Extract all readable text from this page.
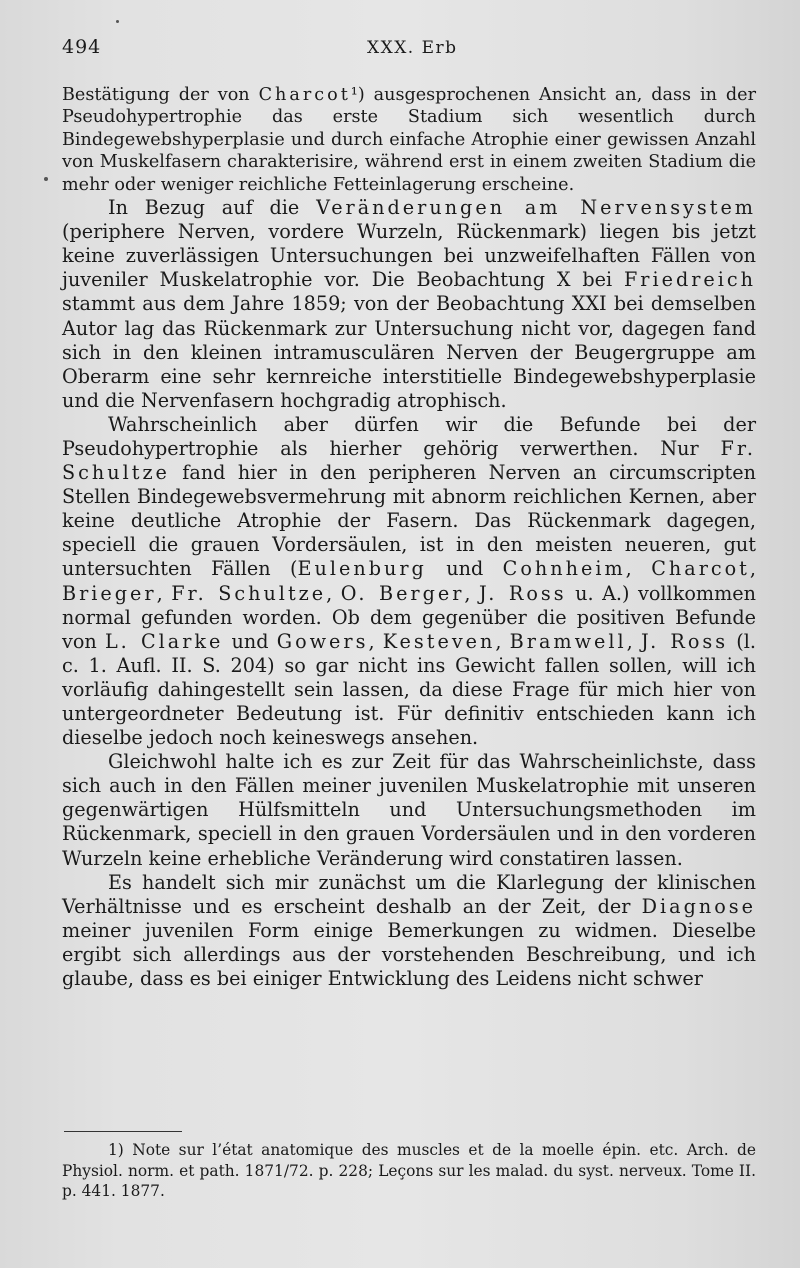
494	XXX. Erb

Bestätigung der von Charcot¹) ausgesprochenen Ansicht an, dass in der Pseudohypertrophie das erste Stadium sich wesentlich durch Bindegewebshyperplasie und durch einfache Atrophie einer gewissen Anzahl von Muskelfasern charakterisire, während erst in einem zweiten Stadium die mehr oder weniger reichliche Fetteinlagerung erscheine.

In Bezug auf die Veränderungen am Nervensystem (periphere Nerven, vordere Wurzeln, Rückenmark) liegen bis jetzt keine zuverlässigen Untersuchungen bei unzweifelhaften Fällen von juveniler Muskelatrophie vor. Die Beobachtung X bei Friedreich stammt aus dem Jahre 1859; von der Beobachtung XXI bei demselben Autor lag das Rückenmark zur Untersuchung nicht vor, dagegen fand sich in den kleinen intramusculären Nerven der Beugergruppe am Oberarm eine sehr kernreiche interstitielle Bindegewebshyperplasie und die Nervenfasern hochgradig atrophisch.

Wahrscheinlich aber dürfen wir die Befunde bei der Pseudohypertrophie als hierher gehörig verwerthen. Nur Fr. Schultze fand hier in den peripheren Nerven an circumscripten Stellen Bindegewebsvermehrung mit abnorm reichlichen Kernen, aber keine deutliche Atrophie der Fasern. Das Rückenmark dagegen, speciell die grauen Vordersäulen, ist in den meisten neueren, gut untersuchten Fällen (Eulenburg und Cohnheim, Charcot, Brieger, Fr. Schultze, O. Berger, J. Ross u. A.) vollkommen normal gefunden worden. Ob dem gegenüber die positiven Befunde von L. Clarke und Gowers, Kesteven, Bramwell, J. Ross (l. c. 1. Aufl. II. S. 204) so gar nicht ins Gewicht fallen sollen, will ich vorläufig dahingestellt sein lassen, da diese Frage für mich hier von untergeordneter Bedeutung ist. Für definitiv entschieden kann ich dieselbe jedoch noch keineswegs ansehen.

Gleichwohl halte ich es zur Zeit für das Wahrscheinlichste, dass sich auch in den Fällen meiner juvenilen Muskelatrophie mit unseren gegenwärtigen Hülfsmitteln und Untersuchungsmethoden im Rückenmark, speciell in den grauen Vordersäulen und in den vorderen Wurzeln keine erhebliche Veränderung wird constatiren lassen.

Es handelt sich mir zunächst um die Klarlegung der klinischen Verhältnisse und es erscheint deshalb an der Zeit, der Diagnose meiner juvenilen Form einige Bemerkungen zu widmen. Dieselbe ergibt sich allerdings aus der vorstehenden Beschreibung, und ich glaube, dass es bei einiger Entwicklung des Leidens nicht schwer

1) Note sur l’état anatomique des muscles et de la moelle épin. etc. Arch. de Physiol. norm. et path. 1871/72. p. 228; Leçons sur les malad. du syst. nerveux. Tome II. p. 441. 1877.
